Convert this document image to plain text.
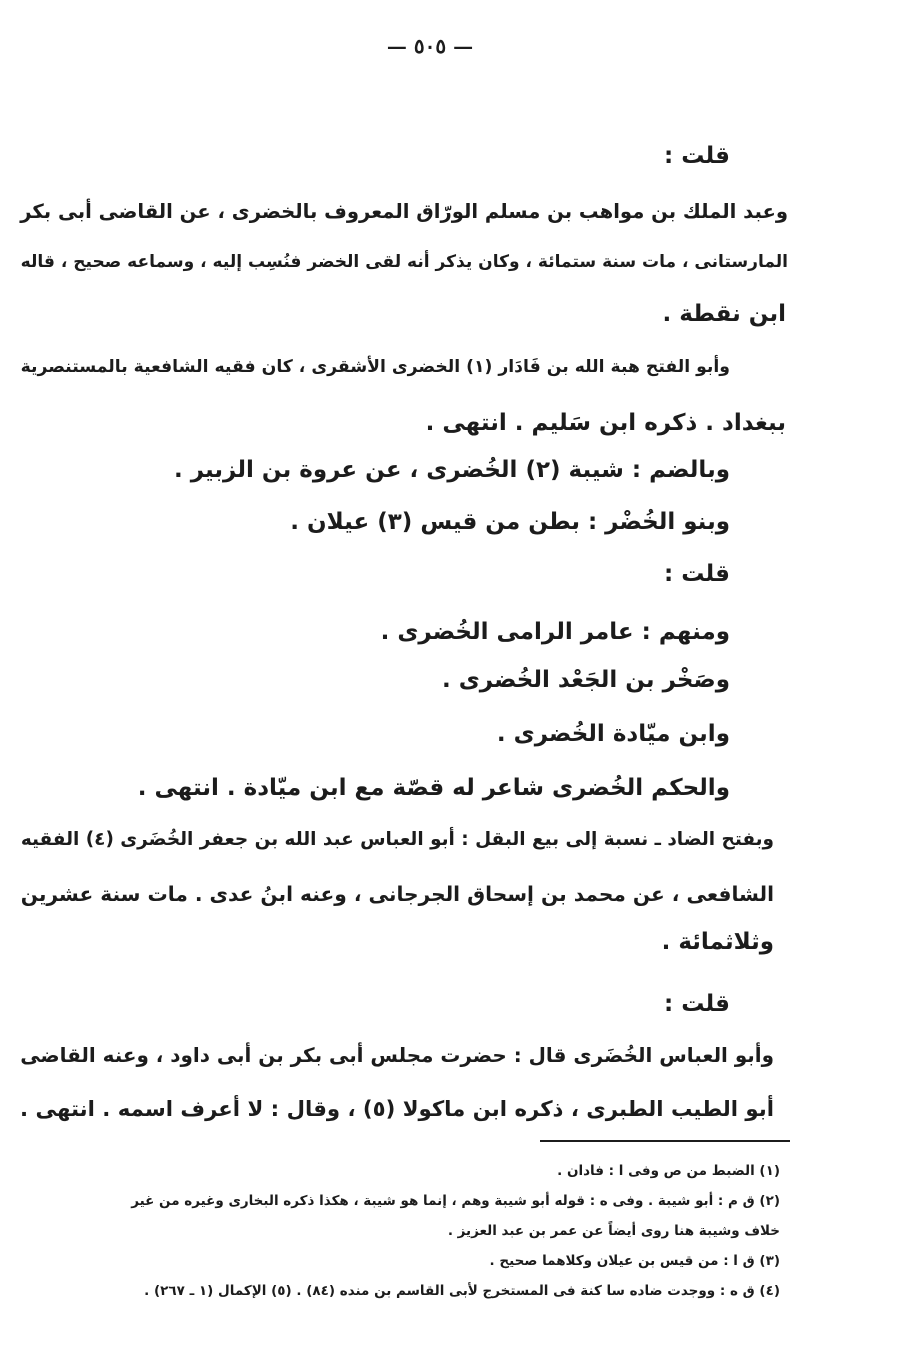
— ٥٠٥ —
قلت :
وعبد الملك بن مواهب بن مسلم الورّاق المعروف بالخضرى ، عن القاضى أبى بكر
المارستانى ، مات سنة ستمائة ، وكان يذكر أنه لقى الخضر فنُسِب إليه ، وسماعه صحيح ، قاله
ابن نقطة .
وأبو الفتح هبة الله بن فَادَار (١) الخضرى الأشقرى ، كان فقيه الشافعية بالمستنصرية
ببغداد . ذكره ابن سَليم . انتهى .
وبالضم : شيبة (٢) الخُضرى ، عن عروة بن الزبير .
وبنو الخُضْر : بطن من قيس (٣) عيلان .
قلت :
ومنهم : عامر الرامى الخُضرى .
وصَخْر بن الجَعْد الخُضرى .
وابن ميّادة الخُضرى .
والحكم الخُضرى شاعر له قصّة مع ابن ميّادة . انتهى .
وبفتح الضاد ـ نسبة إلى بيع البقل : أبو العباس عبد الله بن جعفر الخُضَرى (٤) الفقيه
الشافعى ، عن محمد بن إسحاق الجرجانى ، وعنه ابنُ عدى . مات سنة عشرين
وثلاثمائة .
قلت :
وأبو العباس الخُضَرى قال : حضرت مجلس أبى بكر بن أبى داود ، وعنه القاضى
أبو الطيب الطبرى ، ذكره ابن ماكولا (٥) ، وقال : لا أعرف اسمه . انتهى .
(١) الضبط من ص وفى ا : فادان .
(٢) ق م : أبو شيبة . وفى ه : قوله أبو شيبة وهم ، إنما هو شيبة ، هكذا ذكره البخارى وغيره من غير
خلاف وشيبة هنا روى أيضاً عن عمر بن عبد العزيز .
(٣) ق ا : من قيس بن عيلان وكلاهما صحيح .
(٤) ق ه : ووجدت ضاده سا كنة فى المستخرج لأبى القاسم بن منده (٨٤) . (٥) الإكمال (١ ـ ٢٦٧) .
